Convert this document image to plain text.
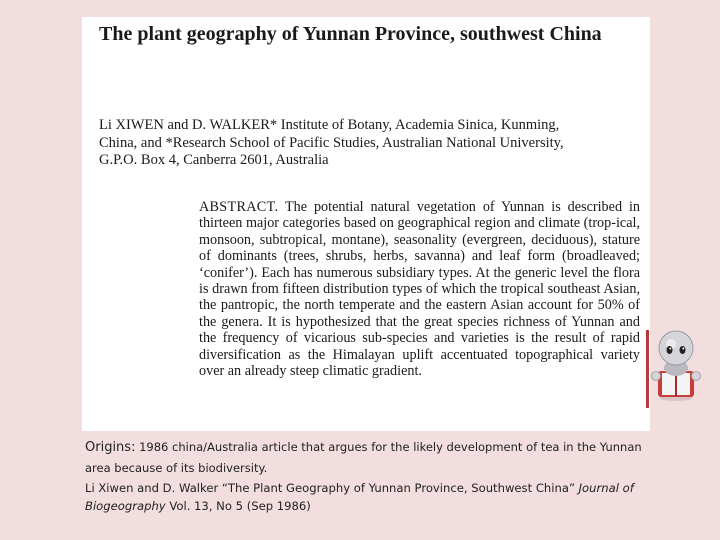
The plant geography of Yunnan Province, southwest China
Li XIWEN and D. WALKER* Institute of Botany, Academia Sinica, Kunming,
China, and *Research School of Pacific Studies, Australian National University,
G.P.O. Box 4, Canberra 2601, Australia
ABSTRACT. The potential natural vegetation of Yunnan is described in thirteen major categories based on geographical region and climate (trop-ical, monsoon, subtropical, montane), seasonality (evergreen, deciduous), stature of dominants (trees, shrubs, herbs, savanna) and leaf form (broadleaved; ‘conifer’). Each has numerous subsidiary types. At the generic level the flora is drawn from fifteen distribution types of which the tropical southeast Asian, the pantropic, the north temperate and the eastern Asian account for 50% of the genera. It is hypothesized that the great species richness of Yunnan and the frequency of vicarious sub-species and varieties is the result of rapid diversification as the Himalayan uplift accentuated topographical variety over an already steep climatic gradient.
Origins: 1986 china/Australia article that argues for the likely development of tea in the Yunnan area because of its biodiversity.
Li Xiwen and D. Walker “The Plant Geography of Yunnan Province, Southwest China” Journal of Biogeography Vol. 13, No 5 (Sep 1986)
